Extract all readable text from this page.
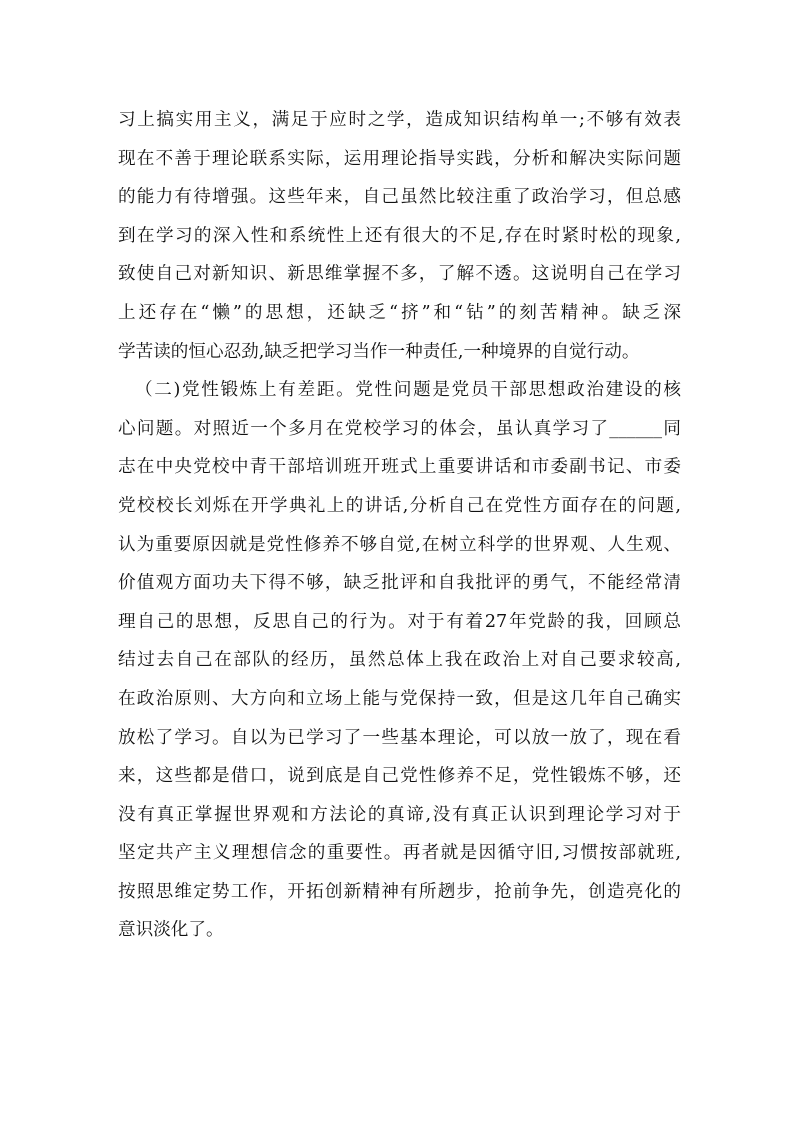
习上搞实用主义，满足于应时之学，造成知识结构单一;不够有效表
现在不善于理论联系实际，运用理论指导实践，分析和解决实际问题
的能力有待增强。这些年来，自己虽然比较注重了政治学习，但总感
到在学习的深入性和系统性上还有很大的不足,存在时紧时松的现象,
致使自己对新知识、新思维掌握不多，了解不透。这说明自己在学习
上还存在“懒”的思想，还缺乏“挤”和“钻”的刻苦精神。缺乏深
学苦读的恒心忍劲,缺乏把学习当作一种责任,一种境界的自觉行动。
（二)党性锻炼上有差距。党性问题是党员干部思想政治建设的核
心问题。对照近一个多月在党校学习的体会，虽认真学习了______同
志在中央党校中青干部培训班开班式上重要讲话和市委副书记、市委
党校校长刘烁在开学典礼上的讲话,分析自己在党性方面存在的问题,
认为重要原因就是党性修养不够自觉,在树立科学的世界观、人生观、
价值观方面功夫下得不够，缺乏批评和自我批评的勇气，不能经常清
理自己的思想，反思自己的行为。对于有着27年党龄的我，回顾总
结过去自己在部队的经历，虽然总体上我在政治上对自己要求较高,
在政治原则、大方向和立场上能与党保持一致，但是这几年自己确实
放松了学习。自以为已学习了一些基本理论，可以放一放了，现在看
来，这些都是借口，说到底是自己党性修养不足，党性锻炼不够，还
没有真正掌握世界观和方法论的真谛,没有真正认识到理论学习对于
坚定共产主义理想信念的重要性。再者就是因循守旧,习惯按部就班,
按照思维定势工作，开拓创新精神有所趔步，抢前争先，创造亮化的
意识淡化了。
